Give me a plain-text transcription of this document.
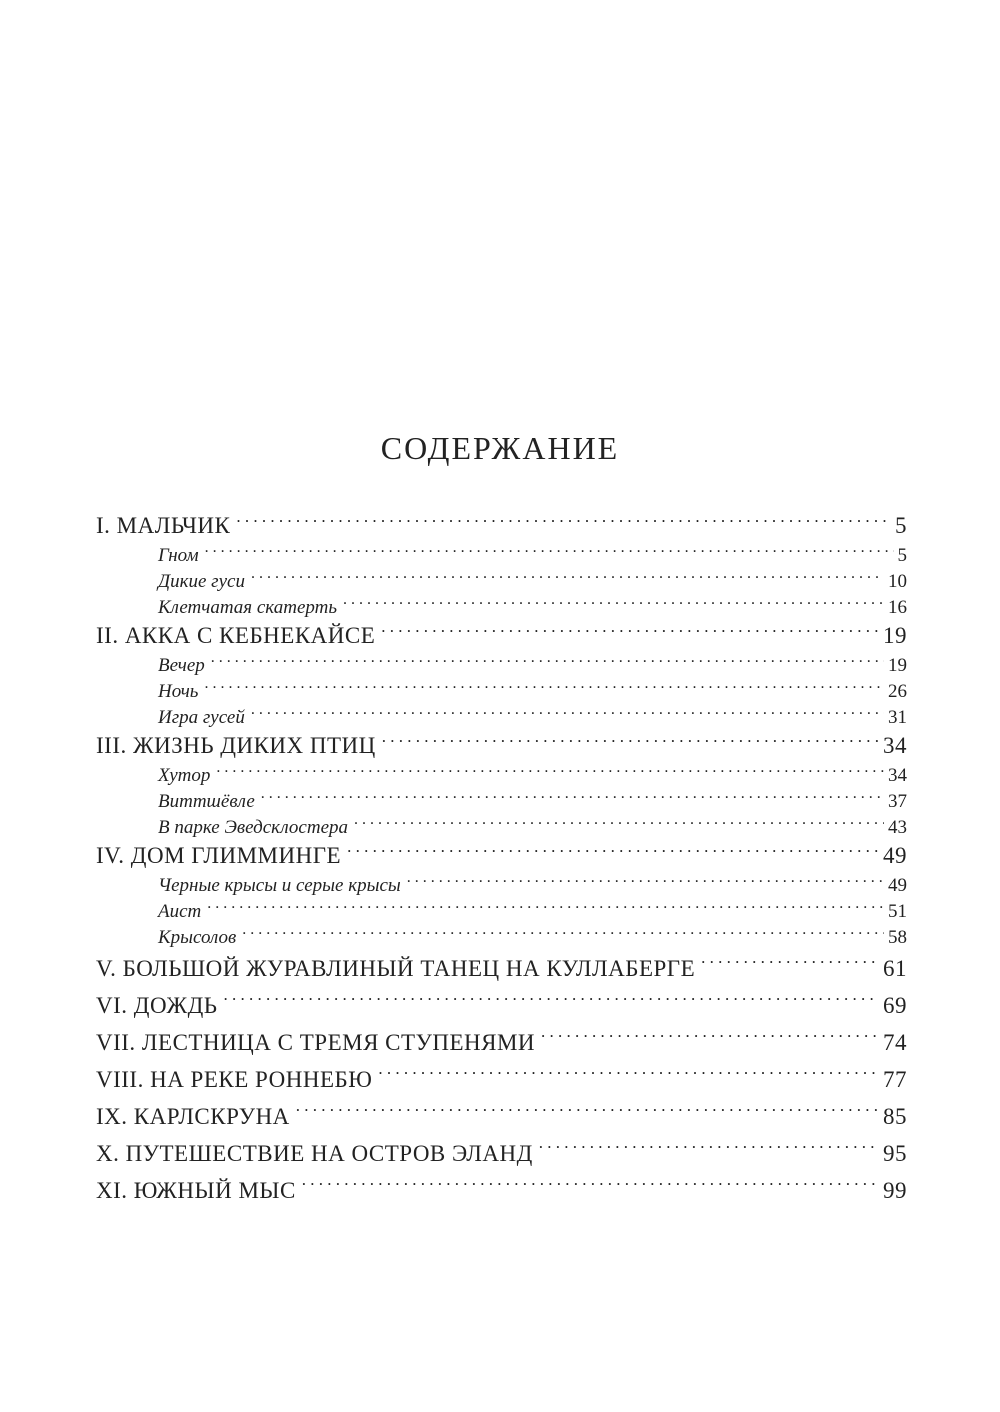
СОДЕРЖАНИЕ
I. МАЛЬЧИК . . .	5
Гном . . .	5
Дикие гуси . . .	10
Клетчатая скатерть . . .	16
II. АККА С КЕБНЕКАЙСЕ . . .	19
Вечер . . .	19
Ночь . . .	26
Игра гусей . . .	31
III. ЖИЗНЬ ДИКИХ ПТИЦ . . .	34
Хутор . . .	34
Виттшёвле . . .	37
В парке Эведсклостера . . .	43
IV. ДОМ ГЛИММИНГЕ . . .	49
Черные крысы и серые крысы . . .	49
Аист . . .	51
Крысолов . . .	58
V. БОЛЬШОЙ ЖУРАВЛИНЫЙ ТАНЕЦ НА КУЛЛАБЕРГЕ . . .	61
VI. ДОЖДЬ . . .	69
VII. ЛЕСТНИЦА С ТРЕМЯ СТУПЕНЯМИ . . .	74
VIII. НА РЕКЕ РОННЕБЮ . . .	77
IX. КАРЛСКРУНА . . .	85
X. ПУТЕШЕСТВИЕ НА ОСТРОВ ЭЛАНД . . .	95
XI. ЮЖНЫЙ МЫС . . .	99
